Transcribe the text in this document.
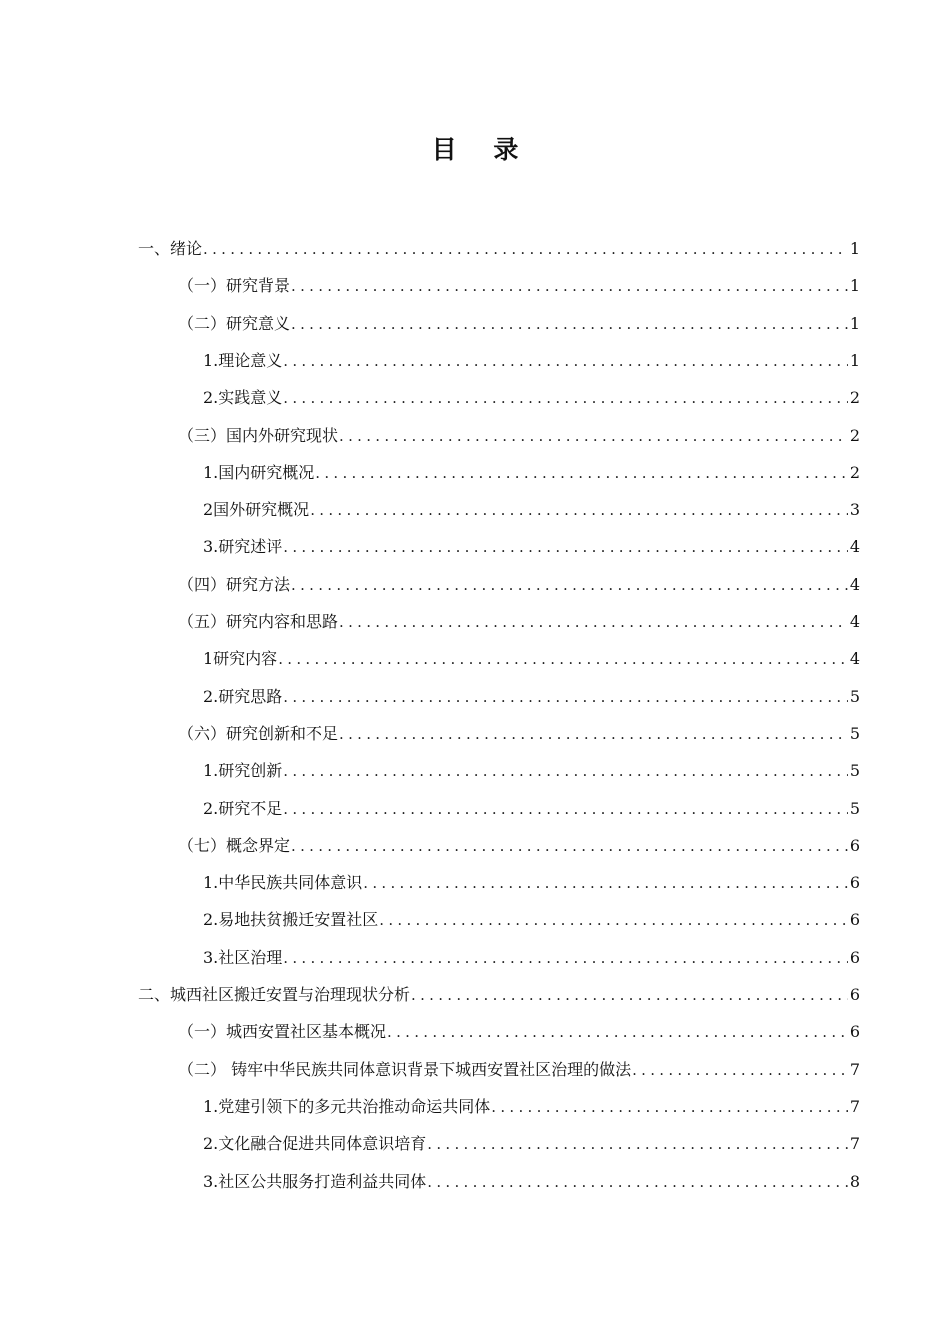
目 录
一、绪论 .....	1
（一）研究背景 .....	1
（二）研究意义 .....	1
1.理论意义 .....	1
2.实践意义 .....	2
（三）国内外研究现状 .....	2
1.国内研究概况 .....	2
2国外研究概况 .....	3
3.研究述评 .....	4
（四）研究方法 .....	4
（五）研究内容和思路 .....	4
1研究内容 .....	4
2.研究思路 .....	5
（六）研究创新和不足 .....	5
1.研究创新 .....	5
2.研究不足 .....	5
（七）概念界定 .....	6
1.中华民族共同体意识 .....	6
2.易地扶贫搬迁安置社区 .....	6
3.社区治理 .....	6
二、城西社区搬迁安置与治理现状分析 .....	6
（一）城西安置社区基本概况 .....	6
（二） 铸牢中华民族共同体意识背景下城西安置社区治理的做法 .....	7
1.党建引领下的多元共治推动命运共同体 .....	7
2.文化融合促进共同体意识培育 .....	7
3.社区公共服务打造利益共同体 .....	8
